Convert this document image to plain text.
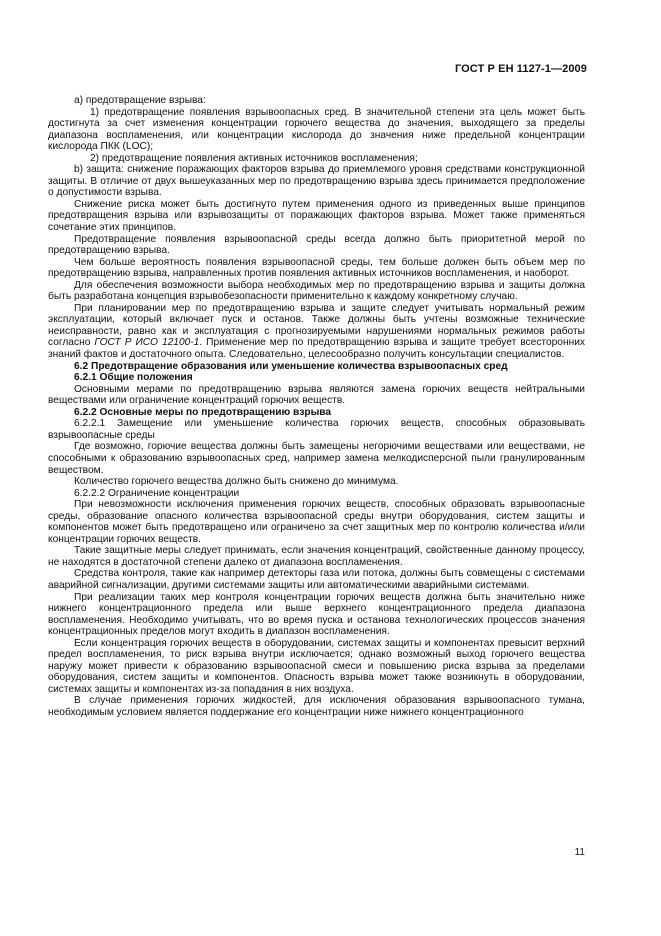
ГОСТ Р ЕН 1127-1—2009

а) предотвращение взрыва:

1) предотвращение появления взрывоопасных сред. В значительной степени эта цель может быть достигнута за счет изменения концентрации горючего вещества до значения, выходящего за пределы диапазона воспламенения, или концентрации кислорода до значения ниже предельной концентрации кислорода ПКК (LOC);

2) предотвращение появления активных источников воспламенения;

b) защита: снижение поражающих факторов взрыва до приемлемого уровня средствами конструкционной защиты. В отличие от двух вышеуказанных мер по предотвращению взрыва здесь принимается предположение о допустимости взрыва.

Снижение риска может быть достигнуто путем применения одного из приведенных выше принципов предотвращения взрыва или взрывозащиты от поражающих факторов взрыва. Может также применяться сочетание этих принципов.

Предотвращение появления взрывоопасной среды всегда должно быть приоритетной мерой по предотвращению взрыва.

Чем больше вероятность появления взрывоопасной среды, тем больше должен быть объем мер по предотвращению взрыва, направленных против появления активных источников воспламенения, и наоборот.

Для обеспечения возможности выбора необходимых мер по предотвращению взрыва и защиты должна быть разработана концепция взрывобезопасности применительно к каждому конкретному случаю.

При планировании мер по предотвращению взрыва и защите следует учитывать нормальный режим эксплуатации, который включает пуск и останов. Также должны быть учтены возможные технические неисправности, равно как и эксплуатация с прогнозируемыми нарушениями нормальных режимов работы согласно ГОСТ Р ИСО 12100-1. Применение мер по предотвращению взрыва и защите требует всесторонних знаний фактов и достаточного опыта. Следовательно, целесообразно получить консультации специалистов.

6.2 Предотвращение образования или уменьшение количества взрывоопасных сред

6.2.1 Общие положения

Основными мерами по предотвращению взрыва являются замена горючих веществ нейтральными веществами или ограничение концентраций горючих веществ.

6.2.2 Основные меры по предотвращению взрыва

6.2.2.1 Замещение или уменьшение количества горючих веществ, способных образовывать взрывоопасные среды

Где возможно, горючие вещества должны быть замещены негорючими веществами или веществами, не способными к образованию взрывоопасных сред, например замена мелкодисперсной пыли гранулированным веществом.

Количество горючего вещества должно быть снижено до минимума.

6.2.2.2 Ограничение концентрации

При невозможности исключения применения горючих веществ, способных образовать взрывоопасные среды, образование опасного количества взрывоопасной среды внутри оборудования, систем защиты и компонентов может быть предотвращено или ограничено за счет защитных мер по контролю количества и/или концентрации горючих веществ.

Такие защитные меры следует принимать, если значения концентраций, свойственные данному процессу, не находятся в достаточной степени далеко от диапазона воспламенения.

Средства контроля, такие как например детекторы газа или потока, должны быть совмещены с системами аварийной сигнализации, другими системами защиты или автоматическими аварийными системами.

При реализации таких мер контроля концентрации горючих веществ должна быть значительно ниже нижнего концентрационного предела или выше верхнего концентрационного предела диапазона воспламенения. Необходимо учитывать, что во время пуска и останова технологических процессов значения концентрационных пределов могут входить в диапазон воспламенения.

Если концентрация горючих веществ в оборудовании, системах защиты и компонентах превысит верхний предел воспламенения, то риск взрыва внутри исключается; однако возможный выход горючего вещества наружу может привести к образованию взрывоопасной смеси и повышению риска взрыва за пределами оборудования, систем защиты и компонентов. Опасность взрыва может также возникнуть в оборудовании, системах защиты и компонентах из-за попадания в них воздуха.

В случае применения горючих жидкостей, для исключения образования взрывоопасного тумана, необходимым условием является поддержание его концентрации ниже нижнего концентрационного

11
